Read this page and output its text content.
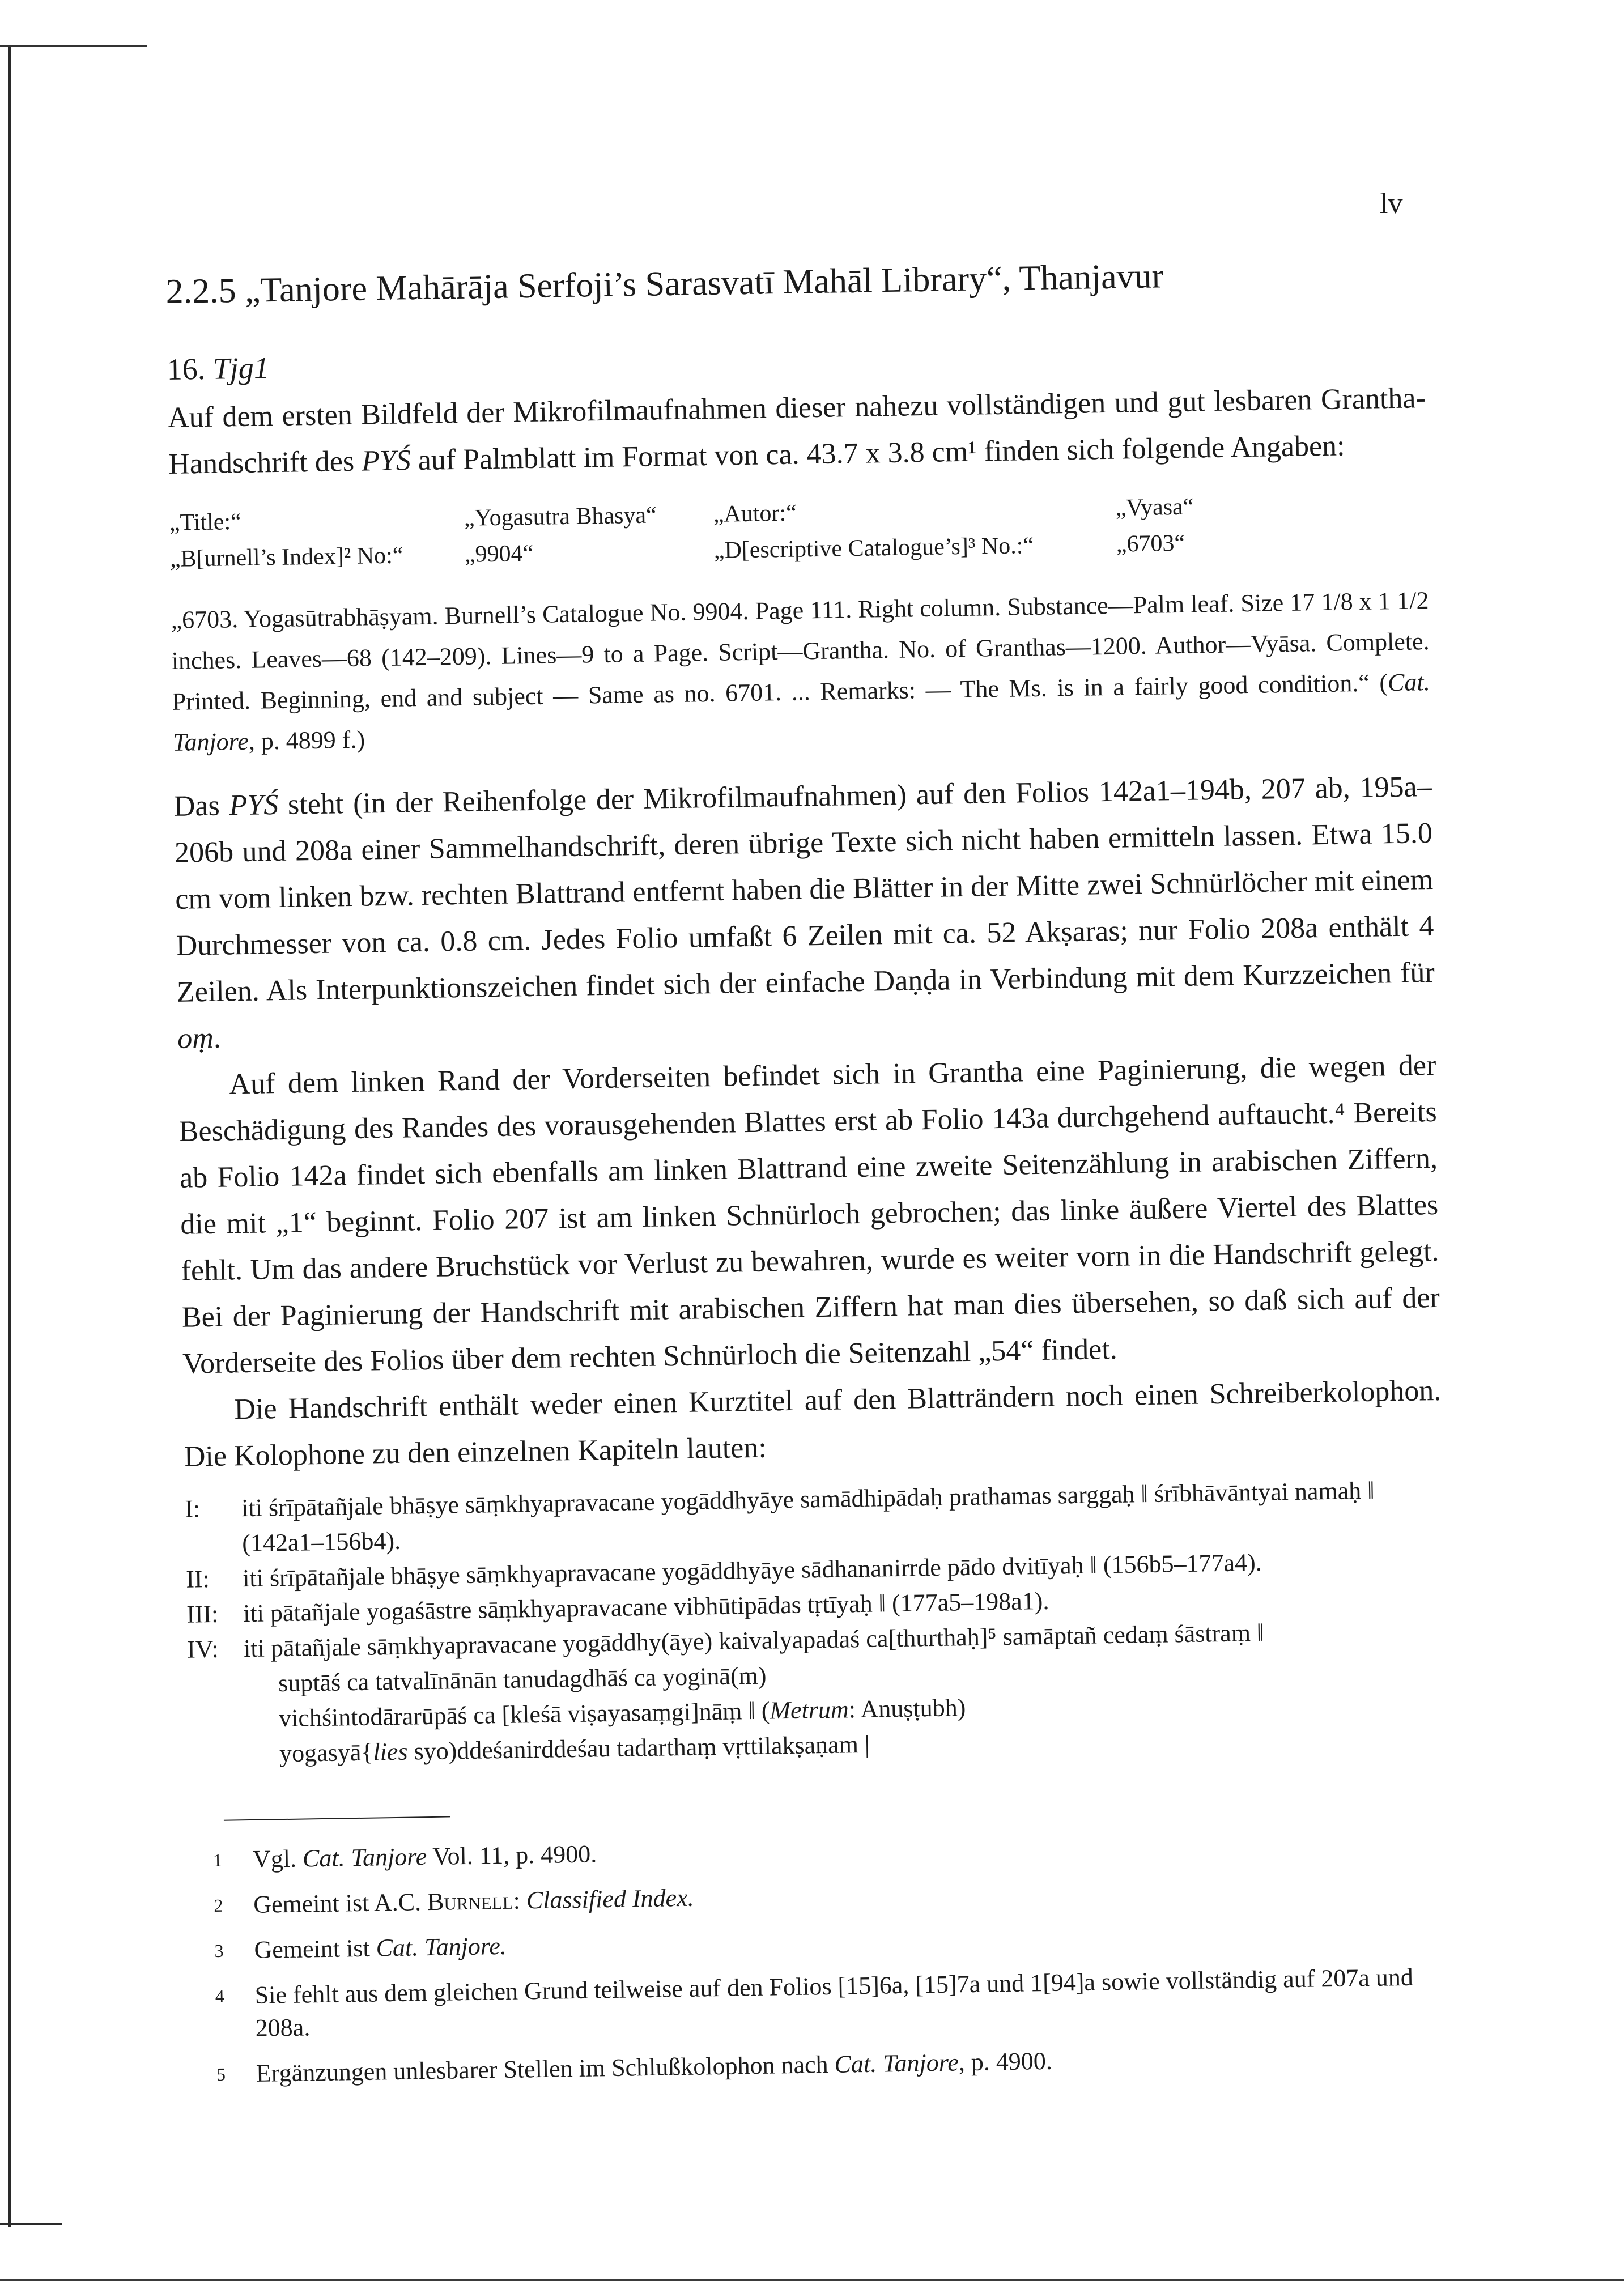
lv
2.2.5 „Tanjore Mahārāja Serfoji’s Sarasvatī Mahāl Library“, Thanjavur
16. Tjg1

Auf dem ersten Bildfeld der Mikrofilmaufnahmen dieser nahezu vollständigen und gut lesbaren Grantha-Handschrift des PYŚ auf Palmblatt im Format von ca. 43.7 x 3.8 cm¹ finden sich folgende Angaben:

„Title:“	„Yogasutra Bhasya“	„Autor:“	„Vyasa“
„B[urnell’s Index]² No:“	„9904“	„D[escriptive Catalogue’s]³ No.:“	„6703“

„6703. Yogasūtrabhāṣyam. Burnell’s Catalogue No. 9904. Page 111. Right column. Substance—Palm leaf. Size 17 1/8 x 1 1/2 inches. Leaves—68 (142–209). Lines—9 to a Page. Script—Grantha. No. of Granthas—1200. Author—Vyāsa. Complete. Printed. Beginning, end and subject — Same as no. 6701. ... Remarks: — The Ms. is in a fairly good condition.“ (Cat. Tanjore, p. 4899 f.)

Das PYŚ steht (in der Reihenfolge der Mikrofilmaufnahmen) auf den Folios 142a1–194b, 207 ab, 195a–206b und 208a einer Sammelhandschrift, deren übrige Texte sich nicht haben ermitteln lassen. Etwa 15.0 cm vom linken bzw. rechten Blattrand entfernt haben die Blätter in der Mitte zwei Schnürlöcher mit einem Durchmesser von ca. 0.8 cm. Jedes Folio umfaßt 6 Zeilen mit ca. 52 Akṣaras; nur Folio 208a enthält 4 Zeilen. Als Interpunktionszeichen findet sich der einfache Daṇḍa in Verbindung mit dem Kurzzeichen für oṃ.

Auf dem linken Rand der Vorderseiten befindet sich in Grantha eine Paginierung, die wegen der Beschädigung des Randes des vorausgehenden Blattes erst ab Folio 143a durchgehend auftaucht.⁴ Bereits ab Folio 142a findet sich ebenfalls am linken Blattrand eine zweite Seitenzählung in arabischen Ziffern, die mit „1“ beginnt. Folio 207 ist am linken Schnürloch gebrochen; das linke äußere Viertel des Blattes fehlt. Um das andere Bruchstück vor Verlust zu bewahren, wurde es weiter vorn in die Handschrift gelegt. Bei der Paginierung der Handschrift mit arabischen Ziffern hat man dies übersehen, so daß sich auf der Vorderseite des Folios über dem rechten Schnürloch die Seitenzahl „54“ findet.

Die Handschrift enthält weder einen Kurztitel auf den Blatträndern noch einen Schreiberkolophon. Die Kolophone zu den einzelnen Kapiteln lauten:

I:	iti śrīpātañjale bhāṣye sāṃkhyapravacane yogāddhyāye samādhipādaḥ prathamas sarggaḥ ‖ śrībhāvāntyai namaḥ ‖ (142a1–156b4).
II:	iti śrīpātañjale bhāṣye sāṃkhyapravacane yogāddhyāye sādhananirrde pādo dvitīyaḥ ‖ (156b5–177a4).
III: iti pātañjale yogaśāstre sāṃkhyapravacane vibhūtipādas tṛtīyaḥ ‖ (177a5–198a1).
IV: iti pātañjale sāṃkhyapravacane yogāddhy(āye) kaivalyapadaś ca[thurthaḥ]⁵ samāptañ cedaṃ śāstraṃ ‖
suptāś ca tatvalīnānān tanudagdhāś ca yoginā(m)
vichśintodārarūpāś ca [kleśā viṣayasaṃgi]nāṃ ‖ (Metrum: Anuṣṭubh)
yogasyā{lies syo)ddeśanirddeśau tadarthaṃ vṛttilakṣaṇam |
1	Vgl. Cat. Tanjore Vol. 11, p. 4900.
2	Gemeint ist A.C. Burnell: Classified Index.
3	Gemeint ist Cat. Tanjore.
4	Sie fehlt aus dem gleichen Grund teilweise auf den Folios [15]6a, [15]7a und 1[94]a sowie vollständig auf 207a und 208a.
5	Ergänzungen unlesbarer Stellen im Schlußkolophon nach Cat. Tanjore, p. 4900.
